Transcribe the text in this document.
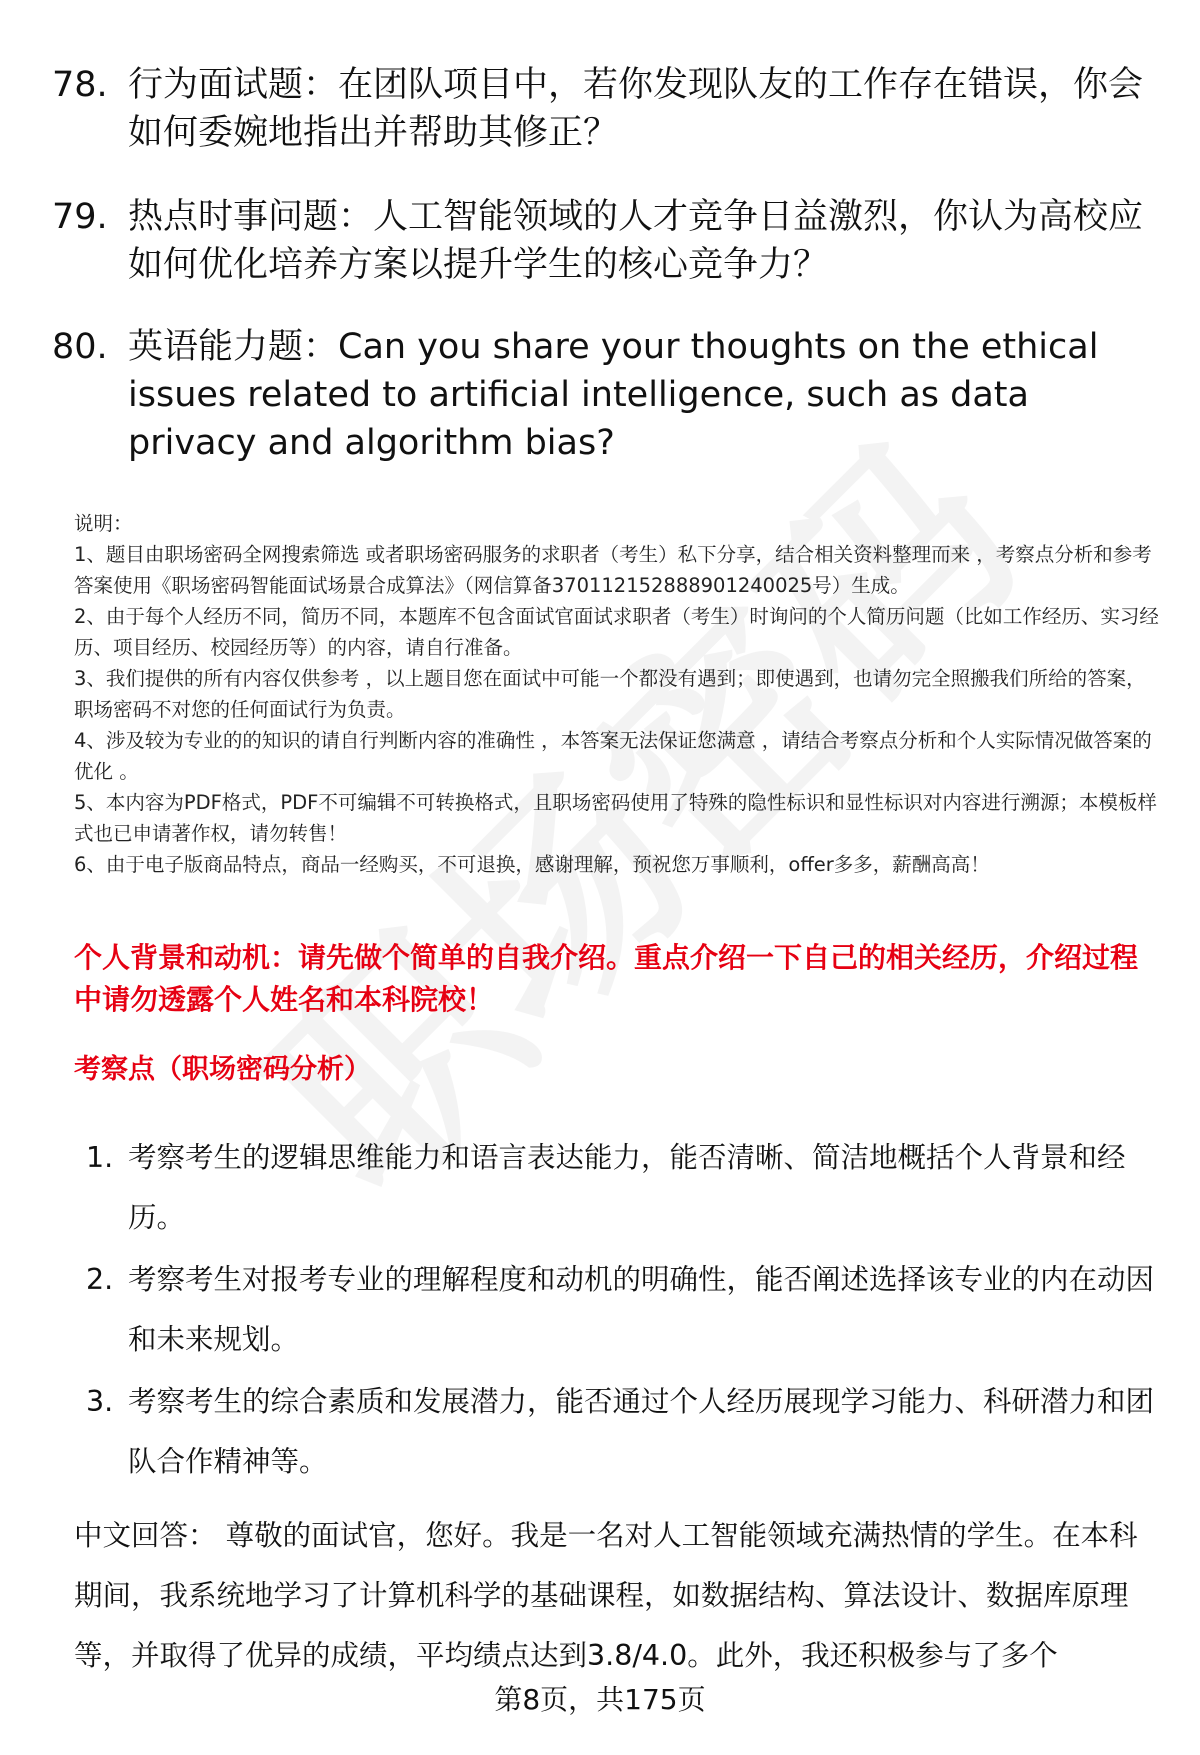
78. 行为面试题：在团队项目中，若你发现队友的工作存在错误，你会如何委婉地指出并帮助其修正？
79. 热点时事问题：人工智能领域的人才竞争日益激烈，你认为高校应如何优化培养方案以提升学生的核心竞争力？
80. 英语能力题：Can you share your thoughts on the ethical issues related to artificial intelligence, such as data privacy and algorithm bias?

说明：

1、题目由职场密码全网搜索筛选 或者职场密码服务的求职者（考生）私下分享，结合相关资料整理而来 ，考察点分析和参考答案使用《职场密码智能面试场景合成算法》（网信算备370112152888901240025号）生成。

2、由于每个人经历不同，简历不同，本题库不包含面试官面试求职者（考生）时询问的个人简历问题（比如工作经历、实习经历、项目经历、校园经历等）的内容，请自行准备。

3、我们提供的所有内容仅供参考 ，以上题目您在面试中可能一个都没有遇到；即使遇到，也请勿完全照搬我们所给的答案，职场密码不对您的任何面试行为负责。

4、涉及较为专业的的知识的请自行判断内容的准确性 ，本答案无法保证您满意 ，请结合考察点分析和个人实际情况做答案的优化 。

5、本内容为PDF格式，PDF不可编辑不可转换格式，且职场密码使用了特殊的隐性标识和显性标识对内容进行溯源；本模板样式也已申请著作权，请勿转售！

6、由于电子版商品特点，商品一经购买，不可退换，感谢理解，预祝您万事顺利，offer多多，薪酬高高！

个人背景和动机：请先做个简单的自我介绍。重点介绍一下自己的相关经历，介绍过程中请勿透露个人姓名和本科院校！
考察点（职场密码分析）
1. 考察考生的逻辑思维能力和语言表达能力，能否清晰、简洁地概括个人背景和经历。
2. 考察考生对报考专业的理解程度和动机的明确性，能否阐述选择该专业的内在动因和未来规划。
3. 考察考生的综合素质和发展潜力，能否通过个人经历展现学习能力、科研潜力和团队合作精神等。
中文回答： 尊敬的面试官，您好。我是一名对人工智能领域充满热情的学生。在本科期间，我系统地学习了计算机科学的基础课程，如数据结构、算法设计、数据库原理等，并取得了优异的成绩，平均绩点达到3.8/4.0。此外，我还积极参与了多个
第8页，共175页
